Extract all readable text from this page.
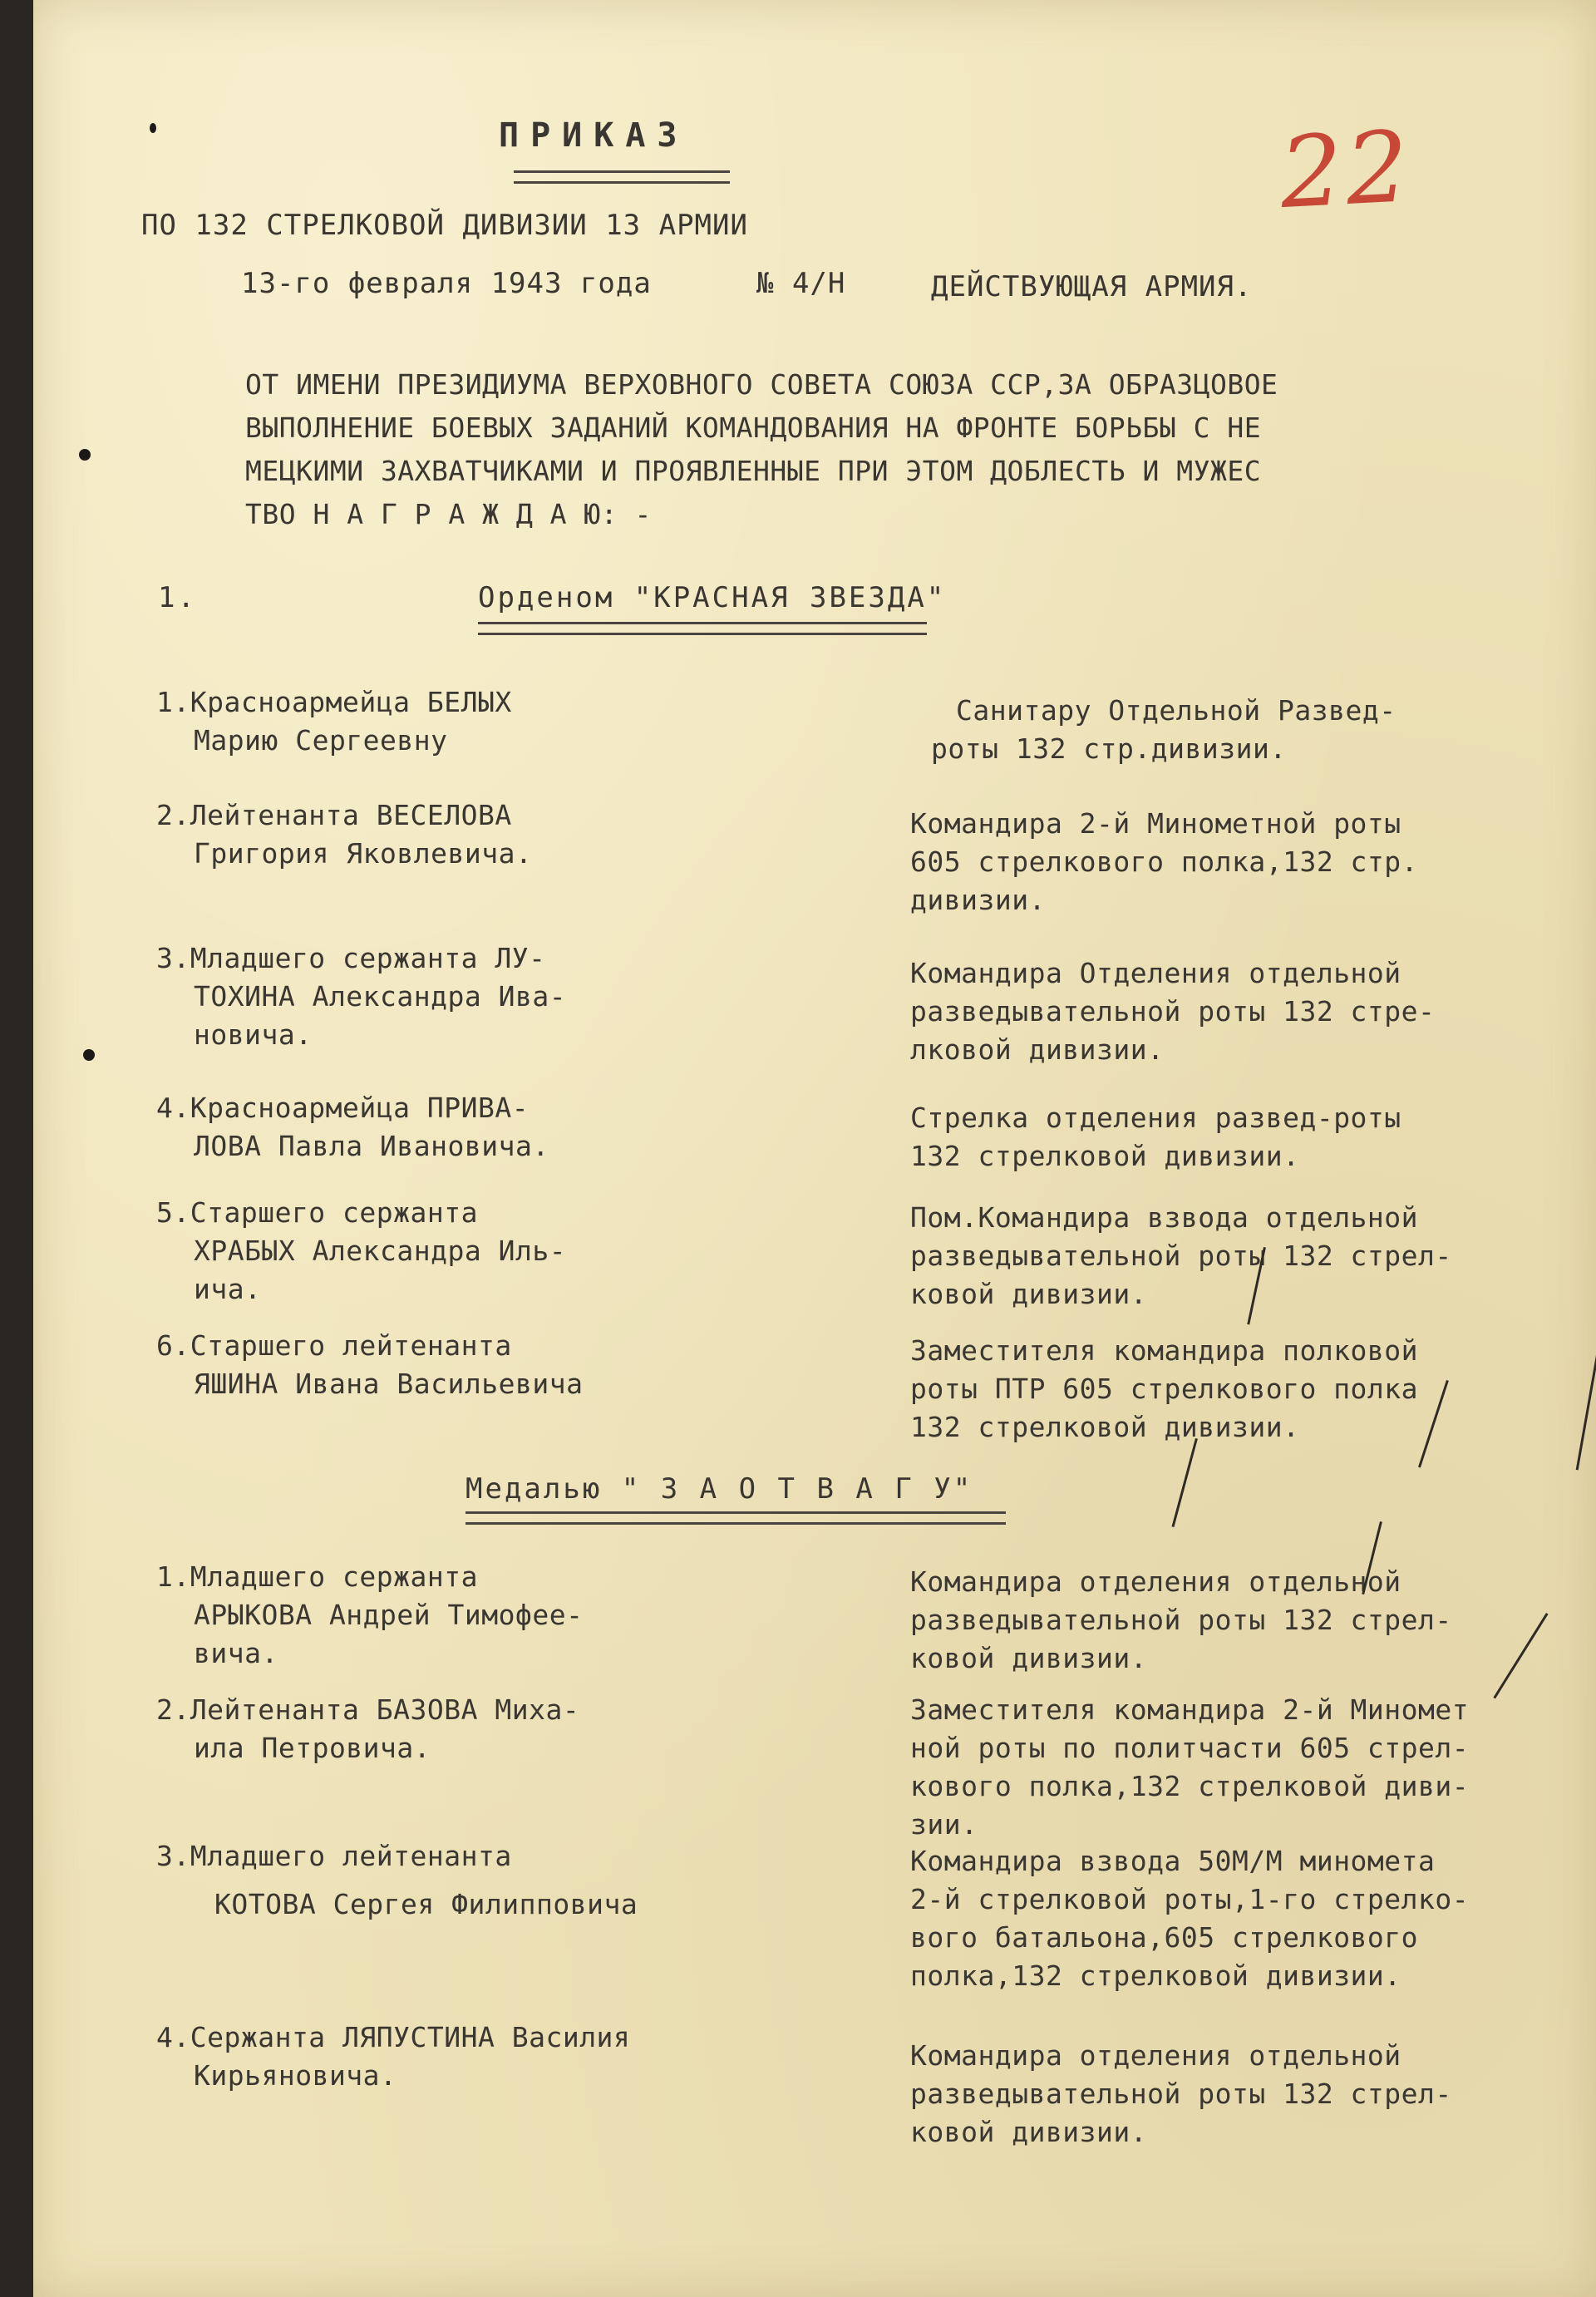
22
ПРИКАЗ
ПО 132 СТРЕЛКОВОЙ ДИВИЗИИ 13 АРМИИ
13-го февраля 1943 года	№ 4/Н	ДЕЙСТВУЮЩАЯ АРМИЯ.
ОТ ИМЕНИ ПРЕЗИДИУМА ВЕРХОВНОГО СОВЕТА СОЮЗА ССР,ЗА ОБРАЗЦОВОЕ
ВЫПОЛНЕНИЕ БОЕВЫХ ЗАДАНИЙ КОМАНДОВАНИЯ НА ФРОНТЕ БОРЬБЫ С НЕ
МЕЦКИМИ ЗАХВАТЧИКАМИ И ПРОЯВЛЕННЫЕ ПРИ ЭТОМ ДОБЛЕСТЬ И МУЖЕС
ТВО Н А Г Р А Ж Д А Ю: -
1.	Орденом "КРАСНАЯ ЗВЕЗДА"
1.Красноармейца БЕЛЫХ
Марию Сергеевну
Санитару Отдельной Развед-
роты 132 стр.дивизии.
2.Лейтенанта ВЕСЕЛОВА
Григория Яковлевича.
Командира 2-й Минометной роты
605 стрелкового полка,132 стр.
дивизии.
3.Младшего сержанта ЛУ-
ТОХИНА Александра Ива-
новича.
Командира Отделения отдельной
разведывательной роты 132 стре-
лковой дивизии.
4.Красноармейца ПРИВА-
ЛОВА Павла Ивановича.
Стрелка отделения развед-роты
132 стрелковой дивизии.
5.Старшего сержанта
ХРАБЫХ Александра Иль-
ича.
Пом.Командира взвода отдельной
разведывательной роты 132 стрел-
ковой дивизии.
6.Старшего лейтенанта
ЯШИНА Ивана Васильевича
Заместителя командира полковой
роты ПТР 605 стрелкового полка
132 стрелковой дивизии.
Медалью " З А О Т В А Г У"
1.Младшего сержанта
АРЫКОВА Андрей Тимофее-
вича.
Командира отделения отдельной
разведывательной роты 132 стрел-
ковой дивизии.
2.Лейтенанта БАЗОВА Миха-
ила Петровича.
Заместителя командира 2-й Миномет
ной роты по политчасти 605 стрел-
кового полка,132 стрелковой диви-
зии.
3.Младшего лейтенанта
КОТОВА Сергея Филипповича
Командира взвода 50М/М миномета
2-й стрелковой роты,1-го стрелко-
вого батальона,605 стрелкового
полка,132 стрелковой дивизии.
4.Сержанта ЛЯПУСТИНА Василия
Кирьяновича.
Командира отделения отдельной
разведывательной роты 132 стрел-
ковой дивизии.
